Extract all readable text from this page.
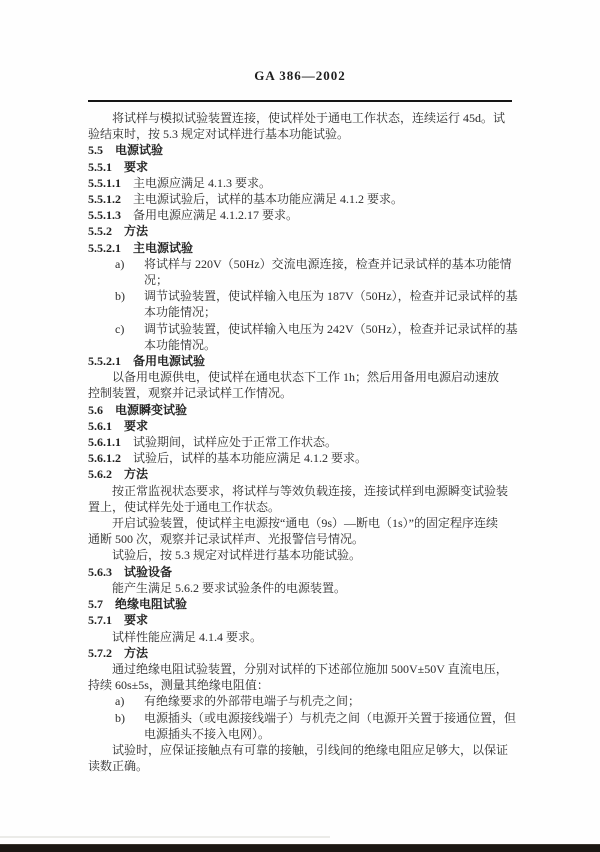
GA 386—2002
将试样与模拟试验装置连接，使试样处于通电工作状态，连续运行 45d。试
验结束时，按 5.3 规定对试样进行基本功能试验。
5.5 电源试验
5.5.1 要求
5.5.1.1 主电源应满足 4.1.3 要求。
5.5.1.2 主电源试验后，试样的基本功能应满足 4.1.2 要求。
5.5.1.3 备用电源应满足 4.1.2.17 要求。
5.5.2 方法
5.5.2.1 主电源试验
a) 将试样与 220V（50Hz）交流电源连接，检查并记录试样的基本功能情
况；
b) 调节试验装置，使试样输入电压为 187V（50Hz），检查并记录试样的基
本功能情况；
c) 调节试验装置，使试样输入电压为 242V（50Hz），检查并记录试样的基
本功能情况。
5.5.2.1 备用电源试验
以备用电源供电，使试样在通电状态下工作 1h；然后用备用电源启动速放
控制装置，观察并记录试样工作情况。
5.6 电源瞬变试验
5.6.1 要求
5.6.1.1 试验期间，试样应处于正常工作状态。
5.6.1.2 试验后，试样的基本功能应满足 4.1.2 要求。
5.6.2 方法
按正常监视状态要求，将试样与等效负载连接，连接试样到电源瞬变试验装
置上，使试样先处于通电工作状态。
开启试验装置，使试样主电源按“通电（9s）—断电（1s）”的固定程序连续
通断 500 次，观察并记录试样声、光报警信号情况。
试验后，按 5.3 规定对试样进行基本功能试验。
5.6.3 试验设备
能产生满足 5.6.2 要求试验条件的电源装置。
5.7 绝缘电阻试验
5.7.1 要求
试样性能应满足 4.1.4 要求。
5.7.2 方法
通过绝缘电阻试验装置，分别对试样的下述部位施加 500V±50V 直流电压，
持续 60s±5s，测量其绝缘电阻值：
a) 有绝缘要求的外部带电端子与机壳之间；
b) 电源插头（或电源接线端子）与机壳之间（电源开关置于接通位置，但
电源插头不接入电网）。
试验时，应保证接触点有可靠的接触，引线间的绝缘电阻应足够大，以保证
读数正确。
